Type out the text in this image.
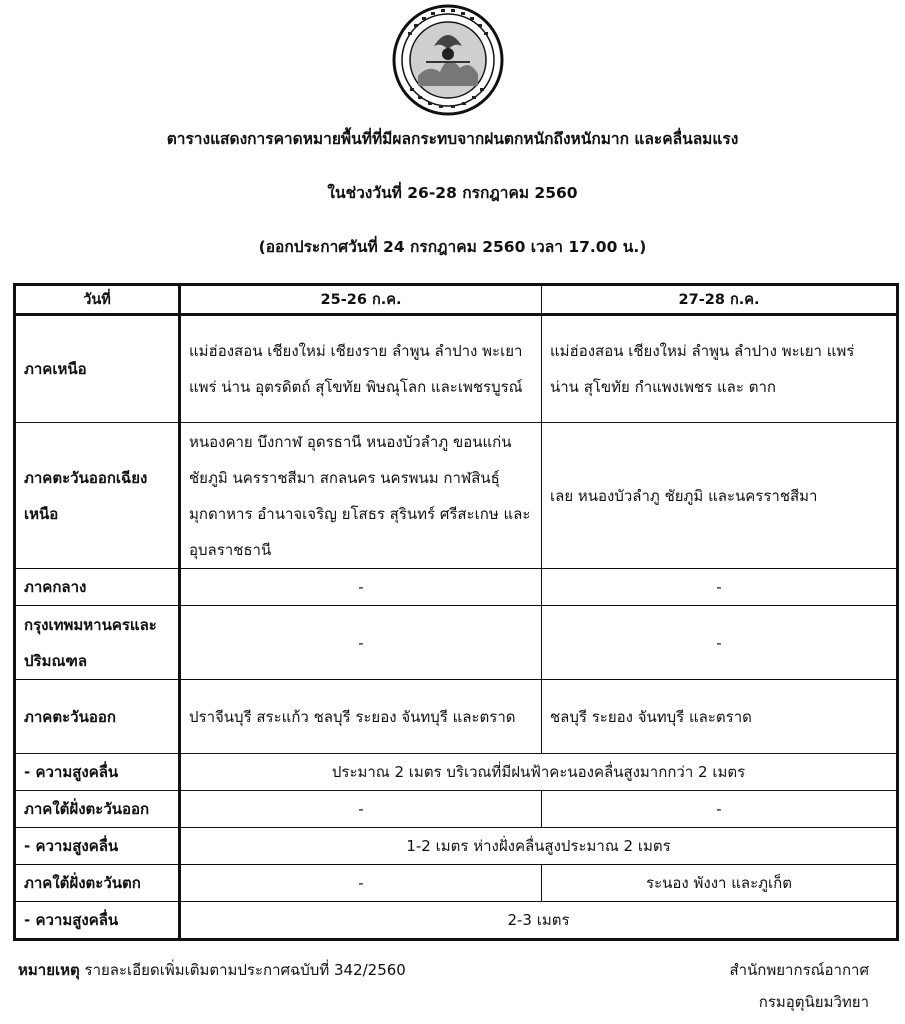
ตารางแสดงการคาดหมายพื้นที่ที่มีผลกระทบจากฝนตกหนักถึงหนักมาก และคลื่นลมแรง
ในช่วงวันที่ 26-28 กรกฎาคม 2560
(ออกประกาศวันที่ 24 กรกฎาคม 2560 เวลา 17.00 น.)
วันที่	25-26 ก.ค.	27-28 ก.ค.
ภาคเหนือ	แม่ฮ่องสอน เชียงใหม่ เชียงราย ลำพูน ลำปาง พะเยา แพร่ น่าน อุตรดิตถ์ สุโขทัย พิษณุโลก และเพชรบูรณ์	แม่ฮ่องสอน เชียงใหม่ ลำพูน ลำปาง พะเยา แพร่ น่าน สุโขทัย กำแพงเพชร และ ตาก
ภาคตะวันออกเฉียงเหนือ	หนองคาย บึงกาฬ อุดรธานี หนองบัวลำภู ขอนแก่น ชัยภูมิ นครราชสีมา สกลนคร นครพนม กาฬสินธุ์ มุกดาหาร อำนาจเจริญ ยโสธร สุรินทร์ ศรีสะเกษ และอุบลราชธานี	เลย หนองบัวลำภู ชัยภูมิ และนครราชสีมา
ภาคกลาง	-	-
กรุงเทพมหานครและปริมณฑล	-	-
ภาคตะวันออก	ปราจีนบุรี สระแก้ว ชลบุรี ระยอง จันทบุรี และตราด	ชลบุรี ระยอง จันทบุรี และตราด
- ความสูงคลื่น	ประมาณ 2 เมตร บริเวณที่มีฝนฟ้าคะนองคลื่นสูงมากกว่า 2 เมตร	
ภาคใต้ฝั่งตะวันออก	-	-
- ความสูงคลื่น	1-2 เมตร ห่างฝั่งคลื่นสูงประมาณ 2 เมตร	
ภาคใต้ฝั่งตะวันตก	-	ระนอง พังงา และภูเก็ต
- ความสูงคลื่น	2-3 เมตร	
หมายเหตุ รายละเอียดเพิ่มเติมตามประกาศฉบับที่ 342/2560	สำนักพยากรณ์อากาศ
กรมอุตุนิยมวิทยา
